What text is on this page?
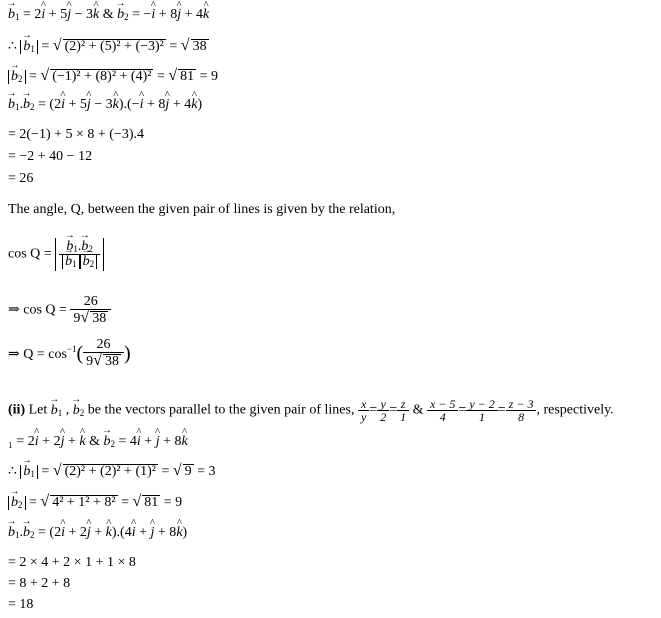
→ $b_1$ = 2^ i + 5^ j − 3^ k & → $b_2$ = −^ i + 8^ j + 4^ k
∴ → $b_1$ = √ (2)² + (5)² + (−3)² = √ 38
→ $b_2$ = √ (−1)² + (8)² + (4)² = √ 81 = 9
→ $b_1.\to b_2$ = (2^ i + 5^ j − 3^ k).(−^ i + 8^ j + 4^ k)
= 2(−1) + 5 × 8 + (−3).4
= −2 + 40 − 12
= 26
The angle, Q, between the given pair of lines is given by the relation,
cos Q = → $b_1.\to b_2$
→ $b_1 \to b_2$
⇒ $\cos Q = \frac{26}{9√ 38}$
⇒ $Q = \cos^{-1}( \frac{26}{9√ 38}$ )
(ii) Let → $b_1$ , → $b_2$ be the vectors parallel to the given pair of lines, $\frac{x}{y} = \frac{y}{2} = \frac{z}{1}$ & $\frac{x - 5}{4} = \frac{y - 2}{1} = \frac{z - 3}{8}$ , respectively.
₁ = 2^ i + 2^ j + ^ k & → $b_2$ = 4^ i + ^ j + 8^ k
∴ → $b_1$ = √ (2)² + (2)² + (1)² = √ 9 = 3
→ $b_2$ = √ 4² + 1² + 8² = √ 81 = 9
→ $b_1.\to b_2$ = (2^ i + 2^ j + ^ k).(4^ i + ^ j + 8^ k)
= 2 × 4 + 2 × 1 + 1 × 8
= 8 + 2 + 8
= 18
